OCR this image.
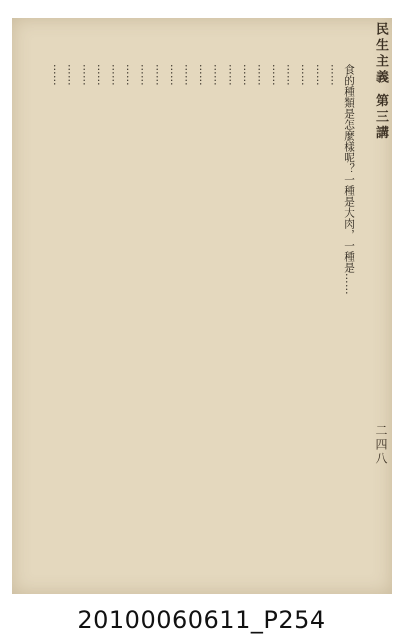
民生主義 第三講
二四八

食的種類是怎麼樣呢？一種是大肉，一種是……

……

……

……

……

……

……

……

……

……

……

……

……

……

……

……

……

……

……

……

……

20100060611_P254
